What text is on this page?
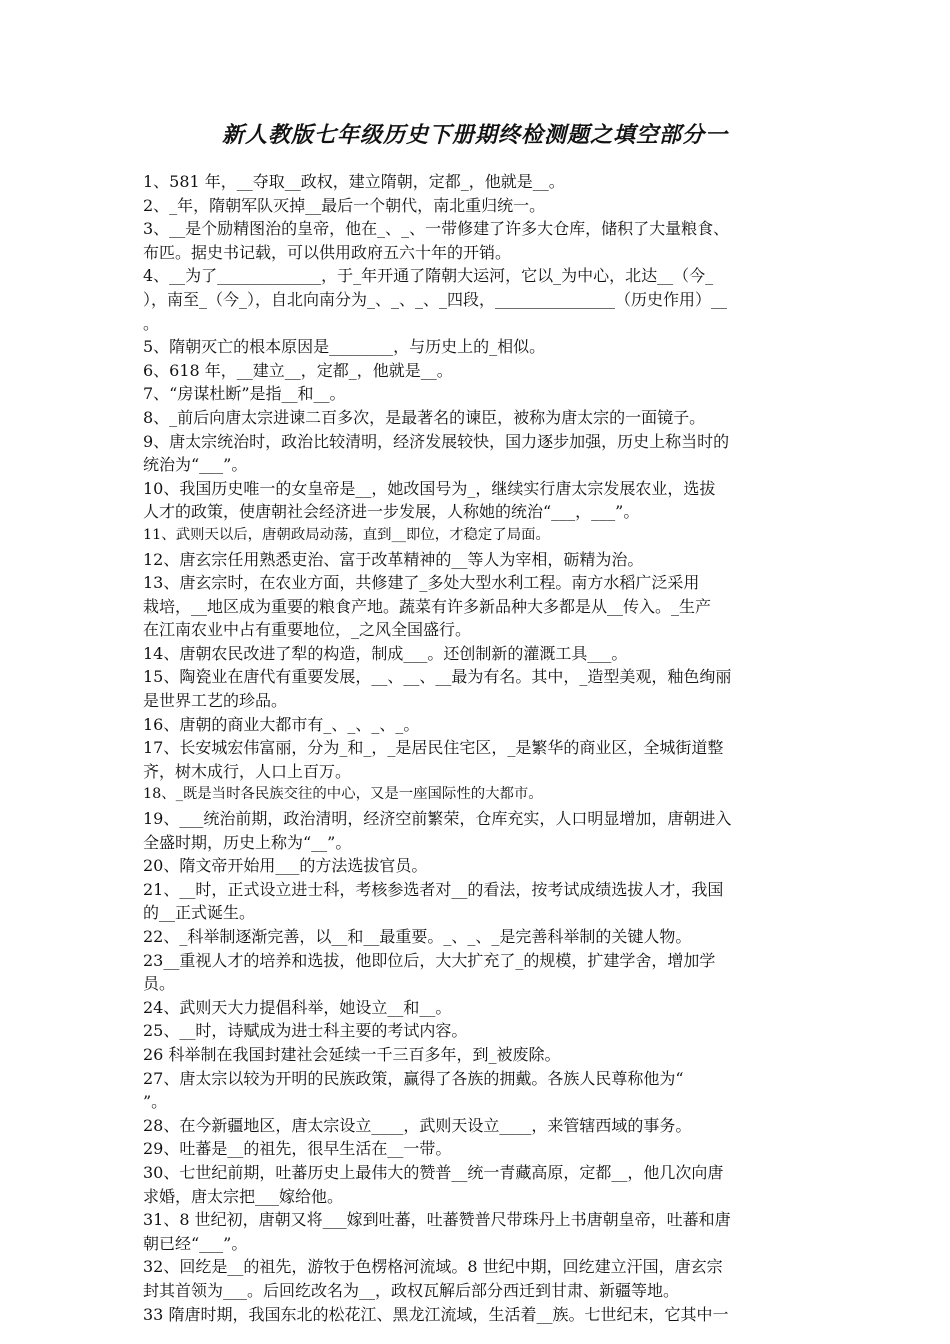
新人教版七年级历史下册期终检测题之填空部分一
1、581 年，__夺取__政权，建立隋朝，定都_，他就是__。
2、_年，隋朝军队灭掉__最后一个朝代，南北重归统一。
3、__是个励精图治的皇帝，他在_、_、一带修建了许多大仓库，储积了大量粮食、
布匹。据史书记载，可以供用政府五六十年的开销。
4、__为了_____________，于_年开通了隋朝大运河，它以_为中心，北达__（今_
），南至_（今_），自北向南分为_、_、_、_四段，_______________（历史作用）__
。
5、隋朝灭亡的根本原因是________，与历史上的_相似。
6、618 年，__建立__，定都_，他就是__。
7、“房谋杜断”是指__和__。
8、_前后向唐太宗进谏二百多次，是最著名的谏臣，被称为唐太宗的一面镜子。
9、唐太宗统治时，政治比较清明，经济发展较快，国力逐步加强，历史上称当时的
统治为“___”。
10、我国历史唯一的女皇帝是__，她改国号为_，继续实行唐太宗发展农业，选拔
人才的政策，使唐朝社会经济进一步发展，人称她的统治“___，___”。
11、武则天以后，唐朝政局动荡，直到__即位，才稳定了局面。
12、唐玄宗任用熟悉吏治、富于改革精神的__等人为宰相，砺精为治。
13、唐玄宗时，在农业方面，共修建了_多处大型水利工程。南方水稻广泛采用
栽培，__地区成为重要的粮食产地。蔬菜有许多新品种大多都是从__传入。_生产
在江南农业中占有重要地位，_之风全国盛行。
14、唐朝农民改进了犁的构造，制成___。还创制新的灌溉工具___。
15、陶瓷业在唐代有重要发展，__、__、__最为有名。其中，_造型美观，釉色绚丽
是世界工艺的珍品。
16、唐朝的商业大都市有_、_、_、_。
17、长安城宏伟富丽，分为_和_，_是居民住宅区，_是繁华的商业区，全城街道整
齐，树木成行，人口上百万。
18、_既是当时各民族交往的中心，又是一座国际性的大都市。
19、___统治前期，政治清明，经济空前繁荣，仓库充实，人口明显增加，唐朝进入
全盛时期，历史上称为“__”。
20、隋文帝开始用___的方法选拔官员。
21、__时，正式设立进士科，考核参选者对__的看法，按考试成绩选拔人才，我国
的__正式诞生。
22、_科举制逐渐完善，以__和__最重要。_、_、_是完善科举制的关键人物。
23__重视人才的培养和选拔，他即位后，大大扩充了_的规模，扩建学舍，增加学
员。
24、武则天大力提倡科举，她设立__和__。
25、__时，诗赋成为进士科主要的考试内容。
26 科举制在我国封建社会延续一千三百多年，到_被废除。
27、唐太宗以较为开明的民族政策，赢得了各族的拥戴。各族人民尊称他为“
”。
28、在今新疆地区，唐太宗设立____，武则天设立____，来管辖西域的事务。
29、吐蕃是__的祖先，很早生活在__一带。
30、七世纪前期，吐蕃历史上最伟大的赞普__统一青藏高原，定都__，他几次向唐
求婚，唐太宗把___嫁给他。
31、8 世纪初，唐朝又将___嫁到吐蕃，吐蕃赞普尺带珠丹上书唐朝皇帝，吐蕃和唐
朝已经“___”。
32、回纥是__的祖先，游牧于色楞格河流域。8 世纪中期，回纥建立汗国，唐玄宗
封其首领为___。后回纥改名为__，政权瓦解后部分西迁到甘肃、新疆等地。
33 隋唐时期，我国东北的松花江、黑龙江流域，生活着__族。七世纪末，它其中一
